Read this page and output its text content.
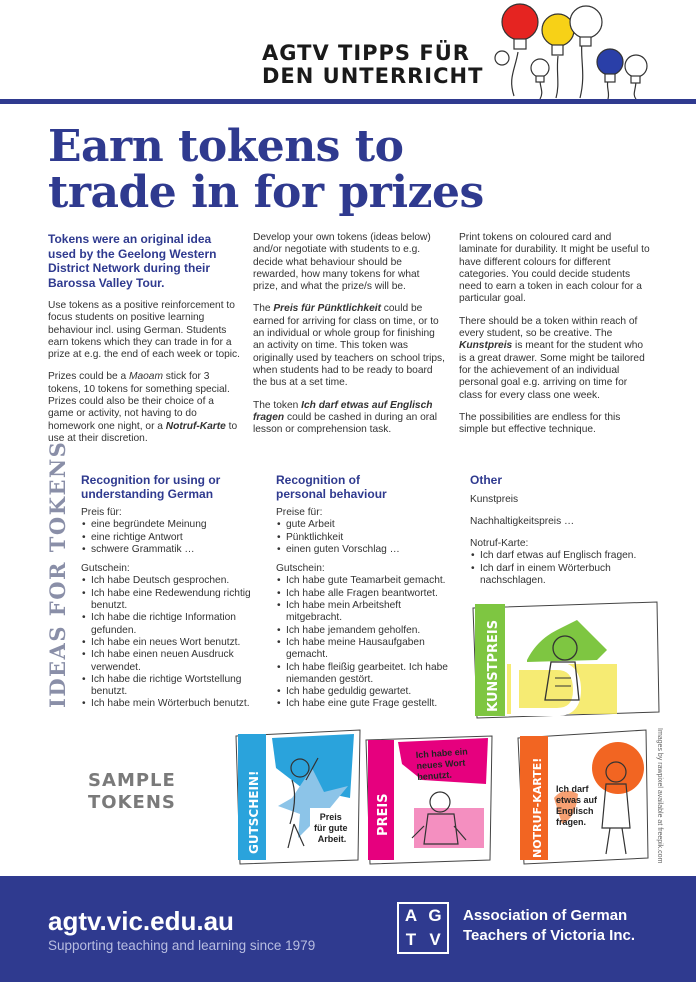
AGTV TIPPS FÜR
DEN UNTERRICHT
Earn tokens to
trade in for prizes

Tokens were an original idea used by the Geelong Western District Network during their Barossa Valley Tour.

Use tokens as a positive reinforcement to focus students on positive learning behaviour incl. using German. Students earn tokens which they can trade in for a prize at e.g. the end of each week or topic.

Prizes could be a Maoam stick for 3 tokens, 10 tokens for something special. Prizes could also be their choice of a game or activity, not having to do homework one night, or a Notruf-Karte to use at their discretion.

Develop your own tokens (ideas below) and/or negotiate with students to e.g. decide what behaviour should be rewarded, how many tokens for what prize, and what the prize/s will be.

The Preis für Pünktlichkeit could be earned for arriving for class on time, or to an individual or whole group for finishing an activity on time. This token was originally used by teachers on school trips, when students had to be ready to board the bus at a set time.

The token Ich darf etwas auf Englisch fragen could be cashed in during an oral lesson or comprehension task.

Print tokens on coloured card and laminate for durability. It might be useful to have different colours for different categories. You could decide students need to earn a token in each colour for a particular goal.

There should be a token within reach of every student, so be creative. The Kunstpreis is meant for the student who is a great drawer. Some might be tailored for the achievement of an individual personal goal e.g. arriving on time for class for every class one week.

The possibilities are endless for this simple but effective technique.

IDEAS FOR TOKENS Recognition for using or
understanding German
Preis für:
• eine begründete Meinung
• eine richtige Antwort
• schwere Grammatik …
Gutschein:
• Ich habe Deutsch gesprochen.
• Ich habe eine Redewendung richtig benutzt.
• Ich habe die richtige Information gefunden.
• Ich habe ein neues Wort benutzt.
• Ich habe einen neuen Ausdruck verwendet.
• Ich habe die richtige Wortstellung benutzt.
• Ich habe mein Wörterbuch benutzt.
Recognition of
personal behaviour
Preise für:
• gute Arbeit
• Pünktlichkeit
• einen guten Vorschlag …
Gutschein:
• Ich habe gute Teamarbeit gemacht.
• Ich habe alle Fragen beantwortet.
• Ich habe mein Arbeitsheft mitgebracht.
• Ich habe jemandem geholfen.
• Ich habe meine Hausaufgaben gemacht.
• Ich habe fleißig gearbeitet. Ich habe niemanden gestört.
• Ich habe geduldig gewartet.
• Ich habe eine gute Frage gestellt.
Other
Kunstpreis
Nachhaltigkeitspreis …
Notruf-Karte:
• Ich darf etwas auf Englisch fragen.
• Ich darf in einem Wörterbuch nachschlagen.
SAMPLE
TOKENS
KUNSTPREIS
GUTSCHEIN!	Preis für gute Arbeit.
PREIS
Ich habe ein neues Wort benutzt.	NOTRUF-KARTE! Ich darf etwas auf Englisch fragen.	Images by rawpixel available at freepik.com
agtv.vic.edu.au
Supporting teaching and learning since 1979
A G
T V
Association of German
Teachers of Victoria Inc.
